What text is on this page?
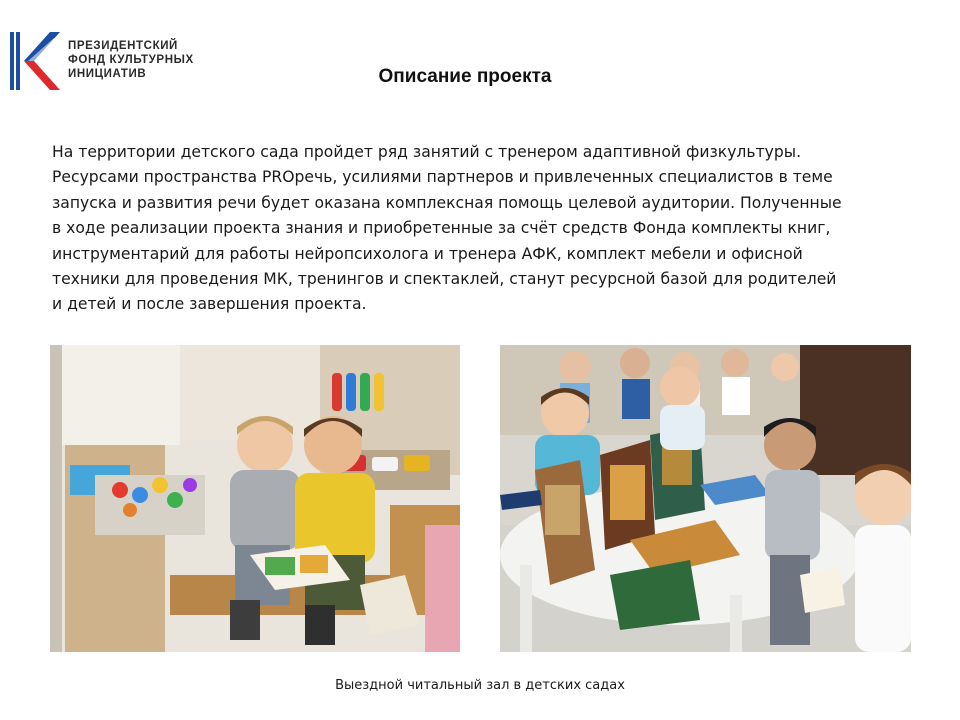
ПРЕЗИДЕНТСКИЙ
ФОНД КУЛЬТУРНЫХ
ИНИЦИАТИВ	Описание проекта
На территории детского сада пройдет ряд занятий с тренером адаптивной физкультуры.
Ресурсами пространства PROречь, усилиями партнеров и привлеченных специалистов в теме
запуска и развития речи будет оказана комплексная помощь целевой аудитории. Полученные
в ходе реализации проекта знания и приобретенные за счёт средств Фонда комплекты книг,
инструментарий для работы нейропсихолога и тренера АФК, комплект мебели и офисной
техники для проведения МК, тренингов и спектаклей, станут ресурсной базой для родителей
и детей и после завершения проекта.
Выездной читальный зал в детских садах
